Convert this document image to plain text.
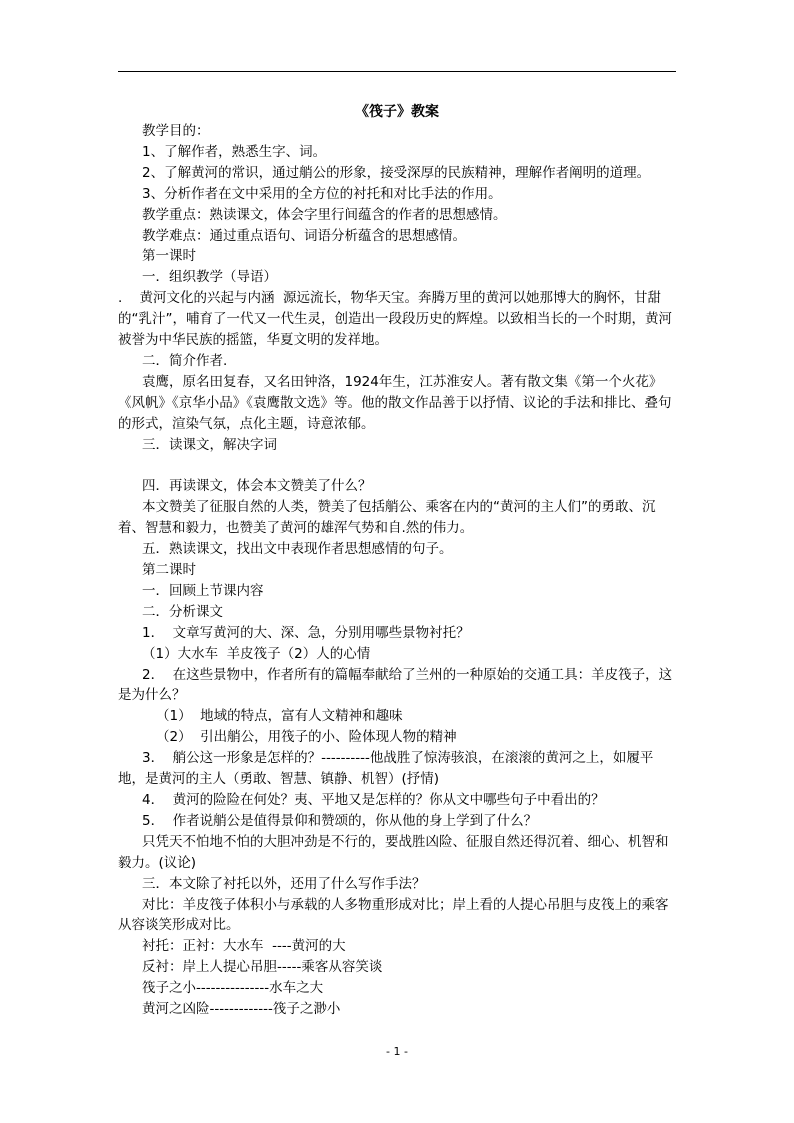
《筏子》教案
教学目的：
1、了解作者，熟悉生字、词。
2、了解黄河的常识，通过艄公的形象，接受深厚的民族精神，理解作者阐明的道理。
3、分析作者在文中采用的全方位的衬托和对比手法的作用。
教学重点：熟读课文，体会字里行间蕴含的作者的思想感情。
教学难点：通过重点语句、词语分析蕴含的思想感情。
第一课时
一．组织教学（导语）
.    黄河文化的兴起与内涵  源远流长，物华天宝。奔腾万里的黄河以她那博大的胸怀，甘甜的“乳汁”，哺育了一代又一代生灵，创造出一段段历史的辉煌。以致相当长的一个时期，黄河被誉为中华民族的摇篮，华夏文明的发祥地。
二．简介作者.
袁鹰，原名田复春，又名田钟洛，1924年生，江苏淮安人。著有散文集《第一个火花》《风帆》《京华小品》《袁鹰散文选》等。他的散文作品善于以抒情、议论的手法和排比、叠句的形式，渲染气氛，点化主题，诗意浓郁。
三．读课文，解决字词
四．再读课文，体会本文赞美了什么？
本文赞美了征服自然的人类，赞美了包括艄公、乘客在内的“黄河的主人们”的勇敢、沉着、智慧和毅力，也赞美了黄河的雄浑气势和自.然的伟力。
五．熟读课文，找出文中表现作者思想感情的句子。
第二课时
一．回顾上节课内容
二．分析课文
1．  文章写黄河的大、深、急，分别用哪些景物衬托？
（1）大水车  羊皮筏子（2）人的心情
2．  在这些景物中，作者所有的篇幅奉献给了兰州的一种原始的交通工具：羊皮筏子，这是为什么？
（1）  地域的特点，富有人文精神和趣味
（2）  引出艄公，用筏子的小、险体现人物的精神
3．  艄公这一形象是怎样的？----------他战胜了惊涛骇浪，在滚滚的黄河之上，如履平地，是黄河的主人（勇敢、智慧、镇静、机智）(抒情)
4．  黄河的险险在何处？夷、平地又是怎样的？你从文中哪些句子中看出的？
5．  作者说艄公是值得景仰和赞颂的，你从他的身上学到了什么？
只凭天不怕地不怕的大胆冲劲是不行的，要战胜凶险、征服自然还得沉着、细心、机智和毅力。(议论)
三．本文除了衬托以外，还用了什么写作手法？
对比：羊皮筏子体积小与承载的人多物重形成对比；岸上看的人提心吊胆与皮筏上的乘客从容谈笑形成对比。
衬托：正衬：大水车  ----黄河的大
反衬：岸上人提心吊胆-----乘客从容笑谈
筏子之小---------------水车之大
黄河之凶险-------------筏子之渺小
- 1 -
